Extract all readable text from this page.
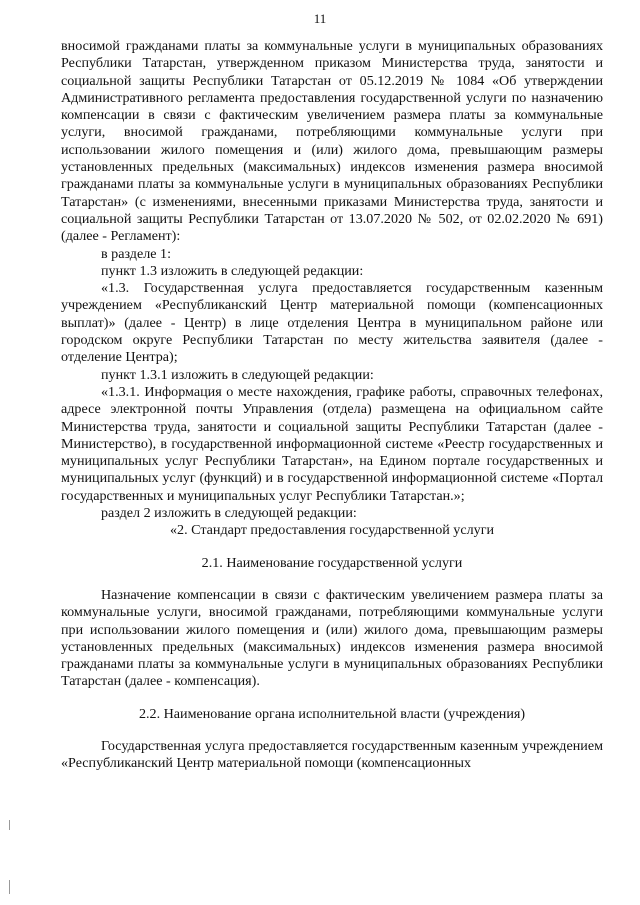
11

вносимой гражданами платы за коммунальные услуги в муниципальных образованиях Республики Татарстан, утвержденном приказом Министерства труда, занятости и социальной защиты Республики Татарстан от 05.12.2019 № 1084 «Об утверждении Административного регламента предоставления государственной услуги по назначению компенсации в связи с фактическим увеличением размера платы за коммунальные услуги, вносимой гражданами, потребляющими коммунальные услуги при использовании жилого помещения и (или) жилого дома, превышающим размеры установленных предельных (максимальных) индексов изменения размера вносимой гражданами платы за коммунальные услуги в муниципальных образованиях Республики Татарстан» (с изменениями, внесенными приказами Министерства труда, занятости и социальной защиты Республики Татарстан от 13.07.2020 № 502, от 02.02.2020 № 691) (далее - Регламент):

в разделе 1:

пункт 1.3 изложить в следующей редакции:

«1.3. Государственная услуга предоставляется государственным казенным учреждением «Республиканский Центр материальной помощи (компенсационных выплат)» (далее - Центр) в лице отделения Центра в муниципальном районе или городском округе Республики Татарстан по месту жительства заявителя (далее - отделение Центра);

пункт 1.3.1 изложить в следующей редакции:

«1.3.1. Информация о месте нахождения, графике работы, справочных телефонах, адресе электронной почты Управления (отдела) размещена на официальном сайте Министерства труда, занятости и социальной защиты Республики Татарстан (далее - Министерство), в государственной информационной системе «Реестр государственных и муниципальных услуг Республики Татарстан», на Едином портале государственных и муниципальных услуг (функций) и в государственной информационной системе «Портал государственных и муниципальных услуг Республики Татарстан.»;

раздел 2 изложить в следующей редакции:

«2. Стандарт предоставления государственной услуги

2.1. Наименование государственной услуги

Назначение компенсации в связи с фактическим увеличением размера платы за коммунальные услуги, вносимой гражданами, потребляющими коммунальные услуги при использовании жилого помещения и (или) жилого дома, превышающим размеры установленных предельных (максимальных) индексов изменения размера вносимой гражданами платы за коммунальные услуги в муниципальных образованиях Республики Татарстан (далее - компенсация).

2.2. Наименование органа исполнительной власти (учреждения)

Государственная услуга предоставляется государственным казенным учреждением «Республиканский Центр материальной помощи (компенсационных
